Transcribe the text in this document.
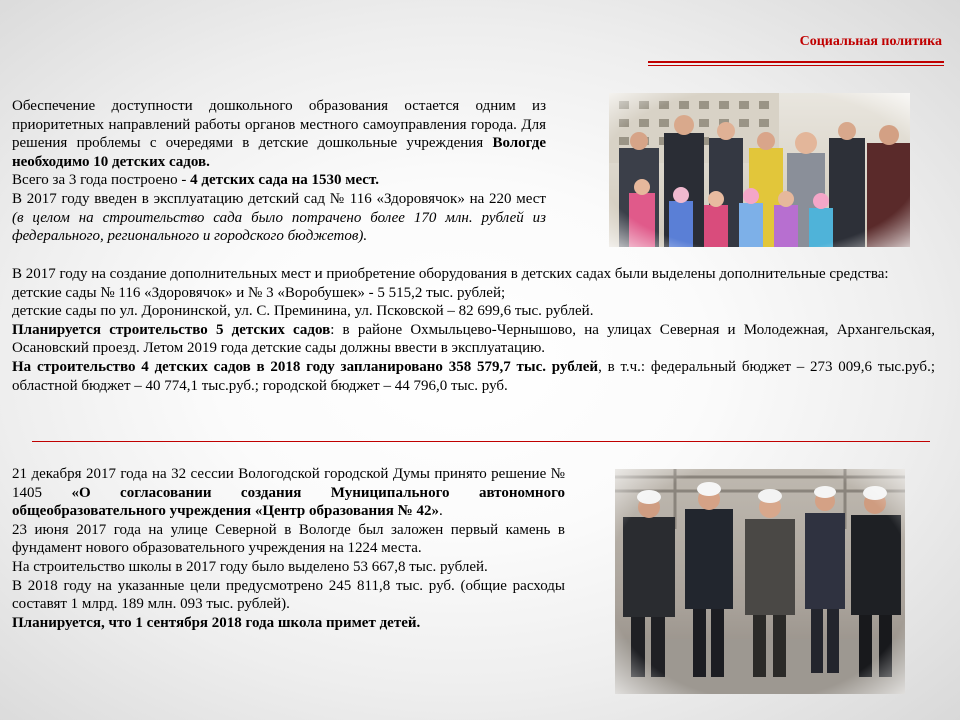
Социальная политика

Обеспечение доступности дошкольного образования остается одним из приоритетных направлений работы органов местного самоуправления города. Для решения проблемы с очередями в детские дошкольные учреждения Вологде необходимо 10 детских садов.

Всего за 3 года построено - 4 детских сада на 1530 мест.

В 2017 году введен в эксплуатацию детский сад № 116 «Здоровячок» на 220 мест (в целом на строительство сада было потрачено более 170 млн. рублей из федерального, регионального и городского бюджетов).

В 2017 году на создание дополнительных мест и приобретение оборудования в детских садах были выделены дополнительные средства:

детские сады № 116 «Здоровячок» и № 3 «Воробушек» - 5 515,2 тыс. рублей;

детские сады по ул. Доронинской, ул. С. Преминина, ул. Псковской – 82 699,6 тыс. рублей.

Планируется строительство 5 детских садов: в районе Охмыльцево-Чернышово, на улицах Северная и Молодежная, Архангельская, Осановский проезд. Летом 2019 года детские сады должны ввести в эксплуатацию.

На строительство 4 детских садов в 2018 году запланировано 358 579,7 тыс. рублей, в т.ч.: федеральный бюджет – 273 009,6 тыс.руб.; областной бюджет – 40 774,1 тыс.руб.; городской бюджет – 44 796,0 тыс. руб.

21 декабря 2017 года на 32 сессии Вологодской городской Думы принято решение № 1405 «О согласовании создания Муниципального автономного общеобразовательного учреждения «Центр образования № 42».

23 июня 2017 года на улице Северной в Вологде был заложен первый камень в фундамент нового образовательного учреждения на 1224 места.

На строительство школы в 2017 году было выделено 53 667,8 тыс. рублей.

В 2018 году на указанные цели предусмотрено 245 811,8 тыс. руб. (общие расходы составят 1 млрд. 189 млн. 093 тыс. рублей).

Планируется, что 1 сентября 2018 года школа примет детей.
